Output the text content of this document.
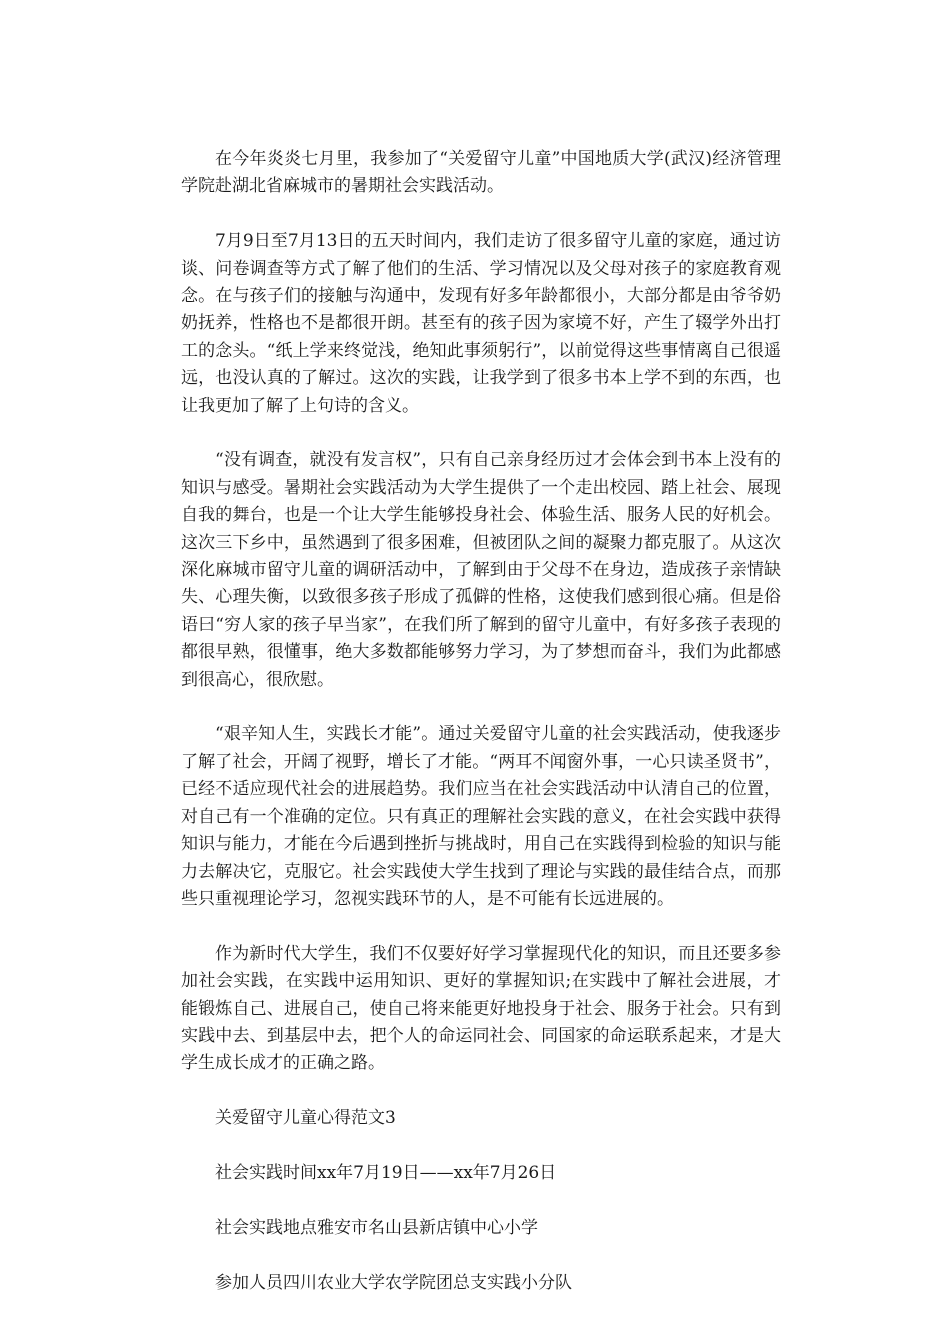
在今年炎炎七月里，我参加了“关爱留守儿童”中国地质大学(武汉)经济管理学院赴湖北省麻城市的暑期社会实践活动。

7月9日至7月13日的五天时间内，我们走访了很多留守儿童的家庭，通过访谈、问卷调查等方式了解了他们的生活、学习情况以及父母对孩子的家庭教育观念。在与孩子们的接触与沟通中，发现有好多年龄都很小，大部分都是由爷爷奶奶抚养，性格也不是都很开朗。甚至有的孩子因为家境不好，产生了辍学外出打工的念头。“纸上学来终觉浅，绝知此事须躬行”，以前觉得这些事情离自己很遥远，也没认真的了解过。这次的实践，让我学到了很多书本上学不到的东西，也让我更加了解了上句诗的含义。

“没有调查，就没有发言权”，只有自己亲身经历过才会体会到书本上没有的知识与感受。暑期社会实践活动为大学生提供了一个走出校园、踏上社会、展现自我的舞台，也是一个让大学生能够投身社会、体验生活、服务人民的好机会。这次三下乡中，虽然遇到了很多困难，但被团队之间的凝聚力都克服了。从这次深化麻城市留守儿童的调研活动中，了解到由于父母不在身边，造成孩子亲情缺失、心理失衡，以致很多孩子形成了孤僻的性格，这使我们感到很心痛。但是俗语曰“穷人家的孩子早当家”，在我们所了解到的留守儿童中，有好多孩子表现的都很早熟，很懂事，绝大多数都能够努力学习，为了梦想而奋斗，我们为此都感到很高心，很欣慰。

“艰辛知人生，实践长才能”。通过关爱留守儿童的社会实践活动，使我逐步了解了社会，开阔了视野，增长了才能。“两耳不闻窗外事，一心只读圣贤书”，已经不适应现代社会的进展趋势。我们应当在社会实践活动中认清自己的位置，对自己有一个准确的定位。只有真正的理解社会实践的意义，在社会实践中获得知识与能力，才能在今后遇到挫折与挑战时，用自己在实践得到检验的知识与能力去解决它，克服它。社会实践使大学生找到了理论与实践的最佳结合点，而那些只重视理论学习，忽视实践环节的人，是不可能有长远进展的。

作为新时代大学生，我们不仅要好好学习掌握现代化的知识，而且还要多参加社会实践，在实践中运用知识、更好的掌握知识;在实践中了解社会进展，才能锻炼自己、进展自己，使自己将来能更好地投身于社会、服务于社会。只有到实践中去、到基层中去，把个人的命运同社会、同国家的命运联系起来，才是大学生成长成才的正确之路。

关爱留守儿童心得范文3

社会实践时间xx年7月19日——xx年7月26日

社会实践地点雅安市名山县新店镇中心小学

参加人员四川农业大学农学院团总支实践小分队
